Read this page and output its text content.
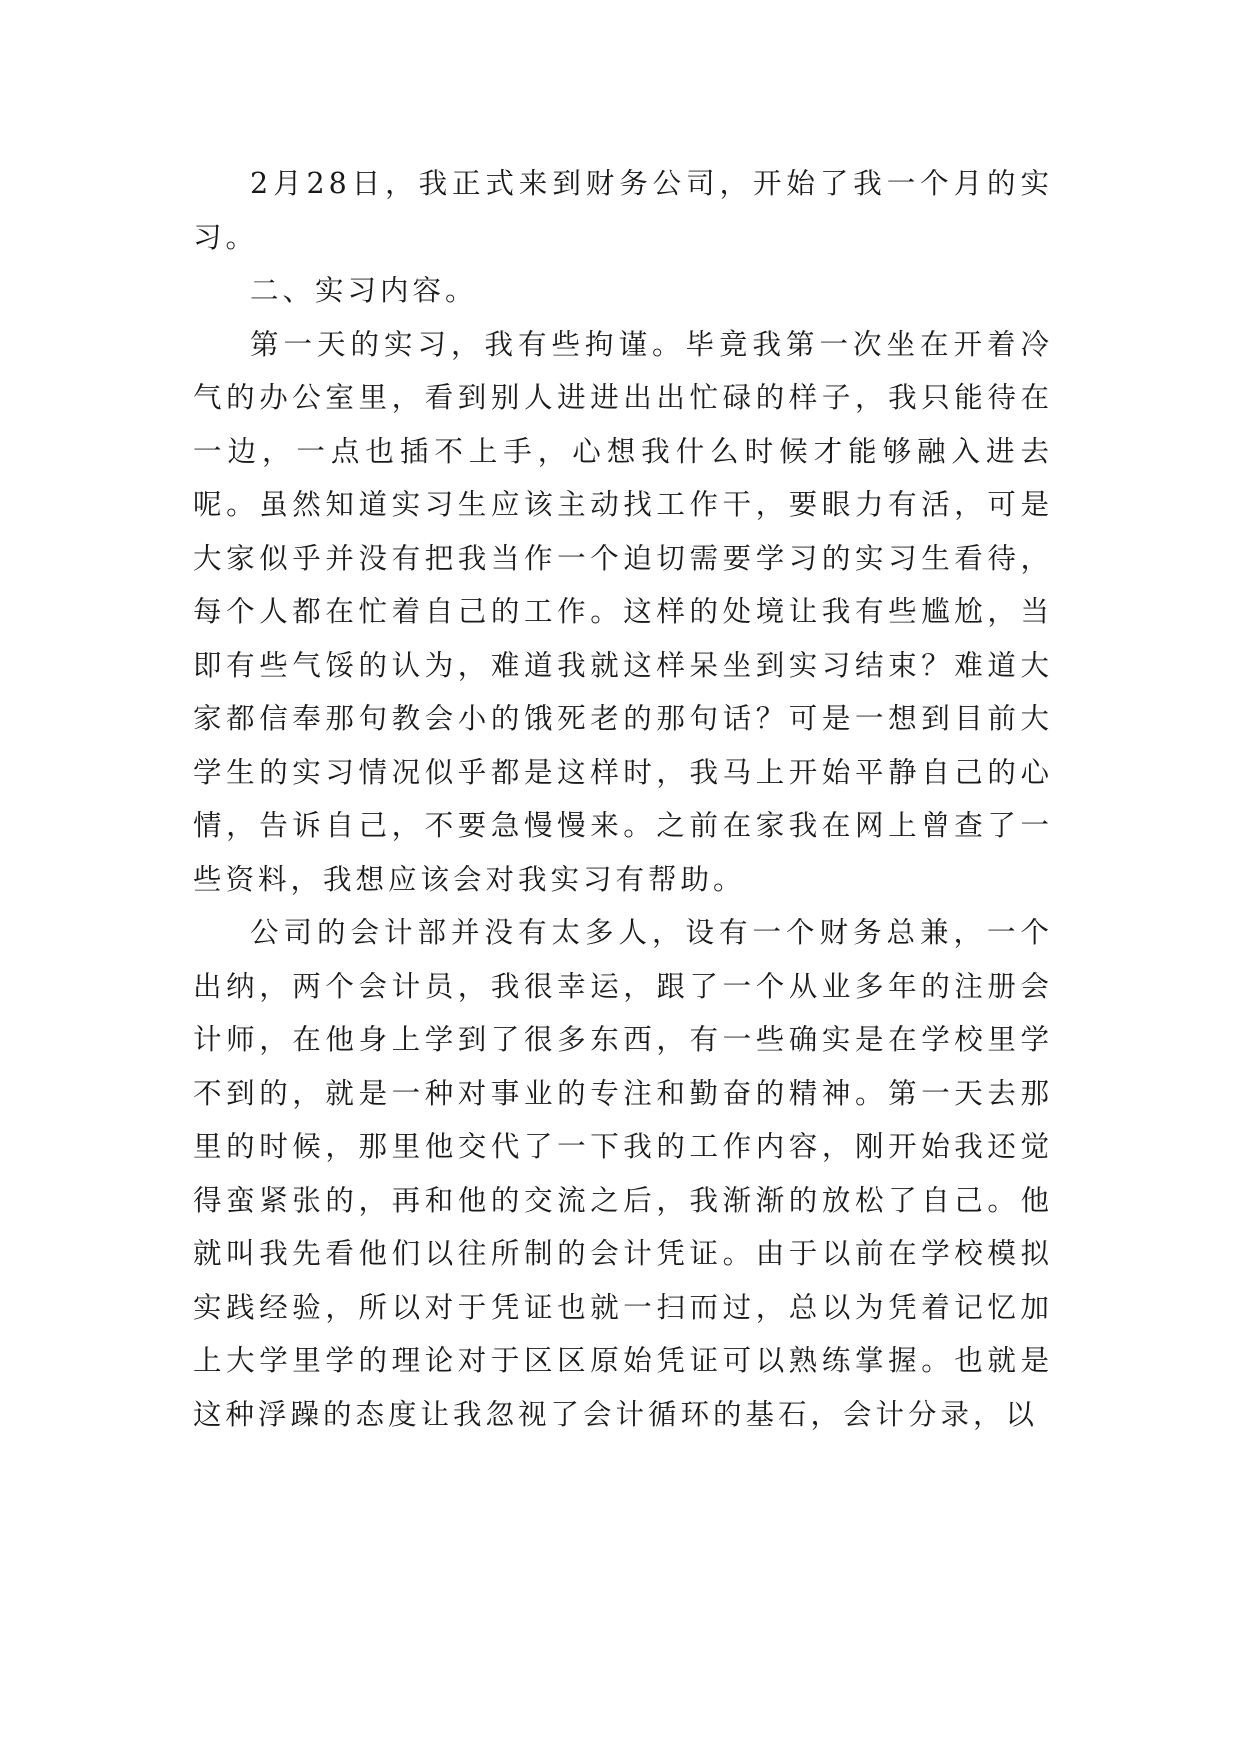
2月28日，我正式来到财务公司，开始了我一个月的实习。

二、实习内容。

第一天的实习，我有些拘谨。毕竟我第一次坐在开着冷气的办公室里，看到别人进进出出忙碌的样子，我只能待在一边，一点也插不上手，心想我什么时候才能够融入进去呢。虽然知道实习生应该主动找工作干，要眼力有活，可是大家似乎并没有把我当作一个迫切需要学习的实习生看待，每个人都在忙着自己的工作。这样的处境让我有些尴尬，当即有些气馁的认为，难道我就这样呆坐到实习结束？难道大家都信奉那句教会小的饿死老的那句话？可是一想到目前大学生的实习情况似乎都是这样时，我马上开始平静自己的心情，告诉自己，不要急慢慢来。之前在家我在网上曾查了一些资料，我想应该会对我实习有帮助。

公司的会计部并没有太多人，设有一个财务总兼，一个出纳，两个会计员，我很幸运，跟了一个从业多年的注册会计师，在他身上学到了很多东西，有一些确实是在学校里学不到的，就是一种对事业的专注和勤奋的精神。第一天去那里的时候，那里他交代了一下我的工作内容，刚开始我还觉得蛮紧张的，再和他的交流之后，我渐渐的放松了自己。他就叫我先看他们以往所制的会计凭证。由于以前在学校模拟实践经验，所以对于凭证也就一扫而过，总以为凭着记忆加上大学里学的理论对于区区原始凭证可以熟练掌握。也就是这种浮躁的态度让我忽视了会计循环的基石，会计分录，以
